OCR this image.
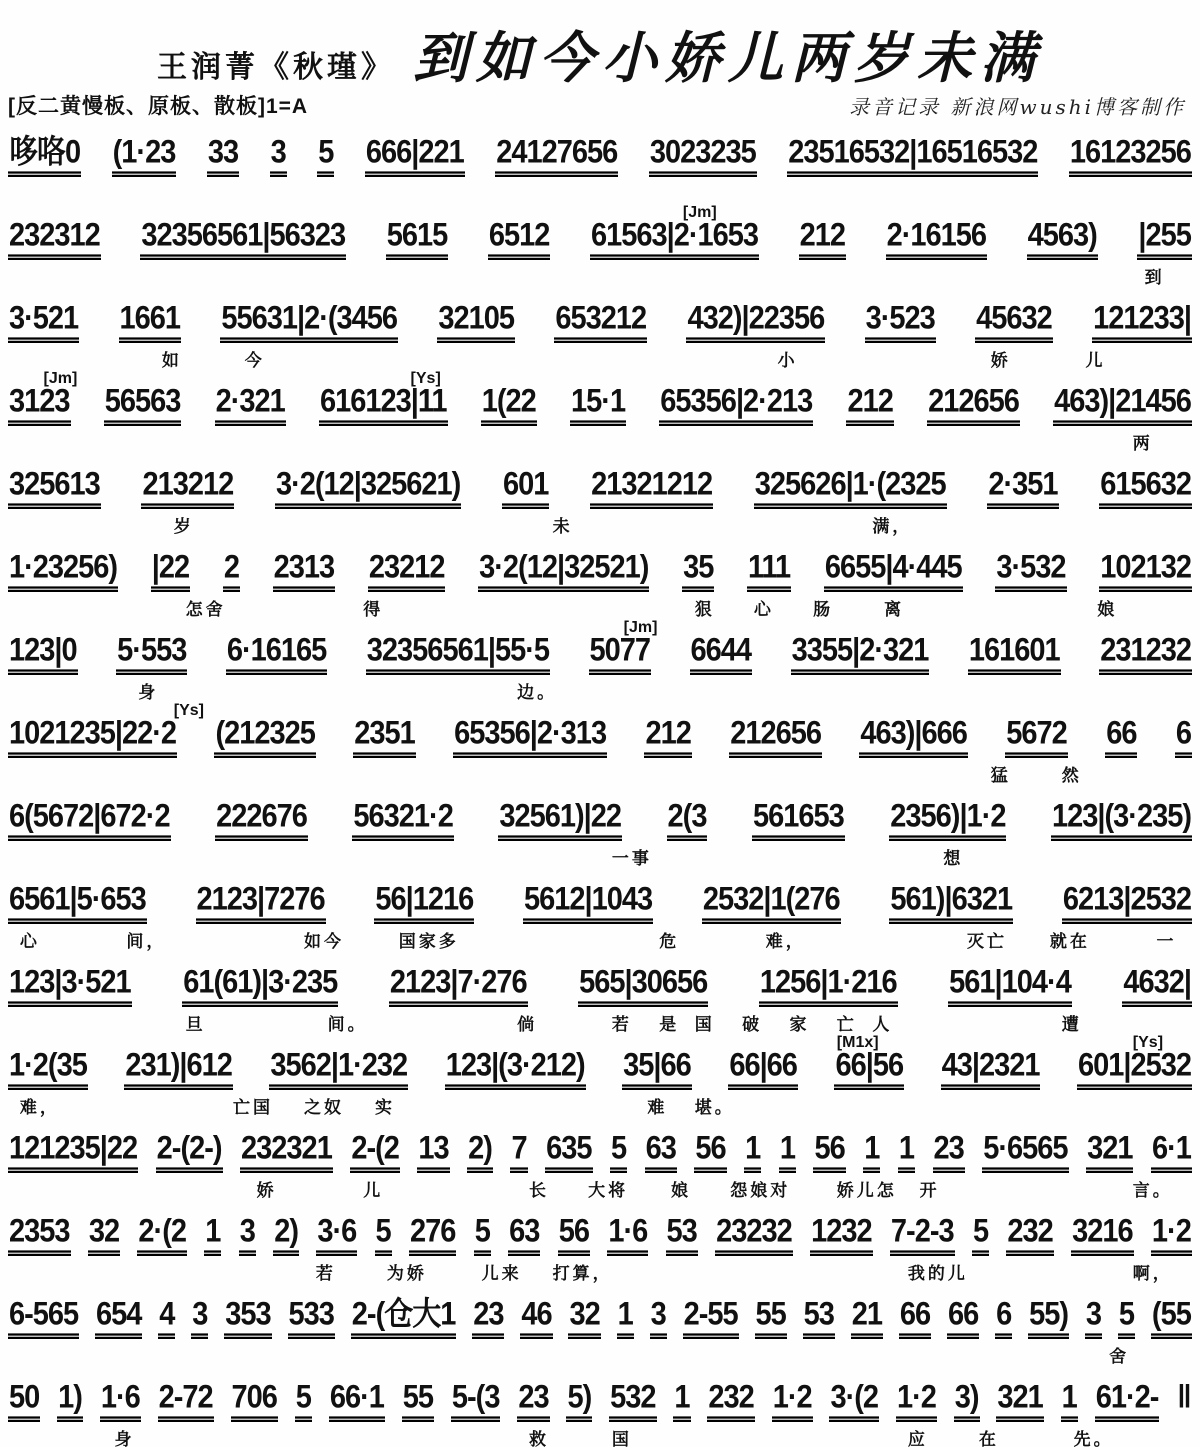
王润菁《秋瑾》 到如今小娇儿两岁未满
[反二黄慢板、原板、散板]1=A	录音记录 新浪网wushi博客制作
哆咯0 (1·23 33 3 5 666|221 24127656 3023235 23516532|16516532 16123256
[Jm]
232312 32356561|56323 5615 6512 61563|2·1653 212 2·16156 4563) |255
到
3·521 1661 55631|2·(3456 32105 653212 432)|22356 3·523 45632 121233|
如	今	小	娇	儿
[Jm]	[Ys]
3123 56563 2·321 616123|11 1(22 15·1 65356|2·213 212 212656 463)|21456
两
325613 213212 3·2(12|325621) 601 21321212 325626|1·(2325 2·351 615632
岁	未	满，
1·23256) |22 2 2313 23212 3·2(12|32521) 35 111 6655|4·445 3·532 102132
怎舍	得	狠 心 肠	离	娘
[Jm]
123|0 5·553 6·16165 32356561|55·5 5077 6644 3355|2·321 161601 231232
身	边。
[Ys]
1021235|22·2 (212325 2351 65356|2·313 212 212656 463)|666 5672 66 6
猛	然
6(5672|672·2 222676 56321·2 32561)|22 2(3 561653 2356)|1·2 123|(3·235)
一事	想
6561|5·653 2123|7276 56|1216 5612|1043 2532|1(276 561)|6321 6213|2532
心	间，	如今	国家多	危	难，	灭亡	就在	一
123|3·521 61(61)|3·235 2123|7·276 565|30656 1256|1·216 561|104·4 4632|
旦	间。	倘	若 是 国 破 家 亡 人	遭
[M1x]	[Ys]
1·2(35 231)|612 3562|1·232 123|(3·212) 35|66 66|66 66|56 43|2321 601|2532
难，	亡国 之奴 实	难 堪。
121235|22 2-(2-) 232321 2-(2 13 2) 7 635 5 63 56 1 1 56 1 1 23 5·6565 321 6·1
娇	儿	长 大将	娘 怨娘对	娇儿怎 开	言。
2353 32 2·(2 1 3 2) 3·6 5 276 5 63 56 1·6 53 23232 1232 7-2-3 5 232 3216 1·2
若	为娇	儿来 打算，	我的儿	啊，
6-565 654 4 3 353 533 2-(仓大1 23 46 32 1 3 2-55 55 53 21 66 66 6 55) 3 5 (55
舍
50 1) 1·6 2-72 706 5 66·1 55 5-(3 23 5) 532 1 232 1·2 3·(2 1·2 3) 321 1 61·2- ‖
身	救	国	应	在	先。
